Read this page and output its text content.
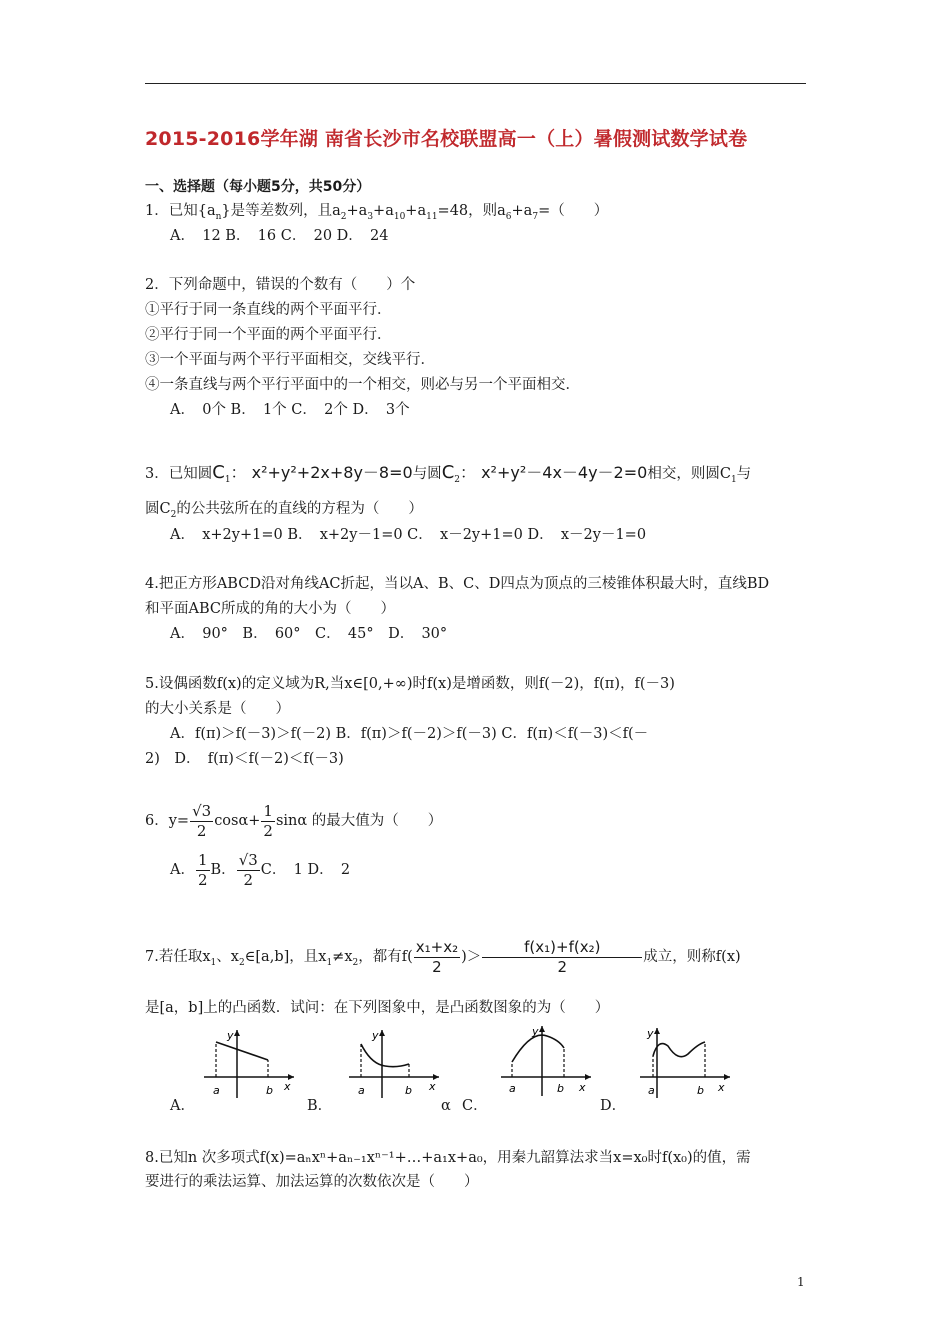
2015-2016学年湖 南省长沙市名校联盟高一（上）暑假测试数学试卷
一、选择题（每小题5分，共50分）
1．已知$\{a_n\}$是等差数列，且$a_2+a_3+a_{10}+a_{11}=48$，则$a_6+a_7=$（　　）
A．　12 B．　16 C．　20 D．　24
2．下列命题中，错误的个数有（　　）个
①平行于同一条直线的两个平面平行．
②平行于同一个平面的两个平面平行．
③一个平面与两个平行平面相交，交线平行．
④一条直线与两个平行平面中的一个相交，则必与另一个平面相交．
A．　0个 B．　1个 C．　2个 D．　3个
3．已知圆$C_1$： x²+y²+2x+8y－8=0与圆$C_2$： x²+y²－4x－4y－2=0相交，则圆$C_1$与
圆$C_2$的公共弦所在的直线的方程为（　　）
A．　x+2y+1=0 B．　x+2y－1=0 C．　x－2y+1=0 D．　x－2y－1=0
4.把正方形ABCD沿对角线AC折起，当以A、B、C、D四点为顶点的三棱锥体积最大时，直线BD
和平面ABC所成的角的大小为（　　）
A．　90°　B．　60°　C．　45°　D．　30°
5.设偶函数f(x)的定义域为R,当x∈[0,+∞)时f(x)是增函数，则f(－2)，f(π)，f(－3)
的大小关系是（　　）
A．f(π)＞f(－3)＞f(－2) B．f(π)＞f(－2)＞f(－3) C．f(π)＜f(－3)＜f(－
2)　D．　f(π)＜f(－2)＜f(－3)
6．$y= \frac{√3}{2} \cos\alpha+ \frac{1}{2}$ sinα 的最大值为（　　）
A． $\frac{1}{2}$ B． $\frac{√3}{2}$ C．　1 D．　2
7.若任取$x_1$、$x_2\in[a,b]$，且$x_1\ne x_2$，都有$f( \frac{\text{x₁+x₂}}{2}$ )＞ $\frac{\text{f(x₁)+f(x₂)}}{2}$ 成立，则称f(x)
是[a，b]上的凸函数．试问：在下列图象中，是凸函数图象的为（　　）
y
x
a	b
y
x
a	b
y
x
a	b
y
x
a	b
A．	B．	α C．	D．
8.已知n 次多项式f(x)=aₙxⁿ+aₙ₋₁xⁿ⁻¹+…+a₁x+a₀，用秦九韶算法求当x=x₀时f(x₀)的值，需
要进行的乘法运算、加法运算的次数依次是（　　）
1
